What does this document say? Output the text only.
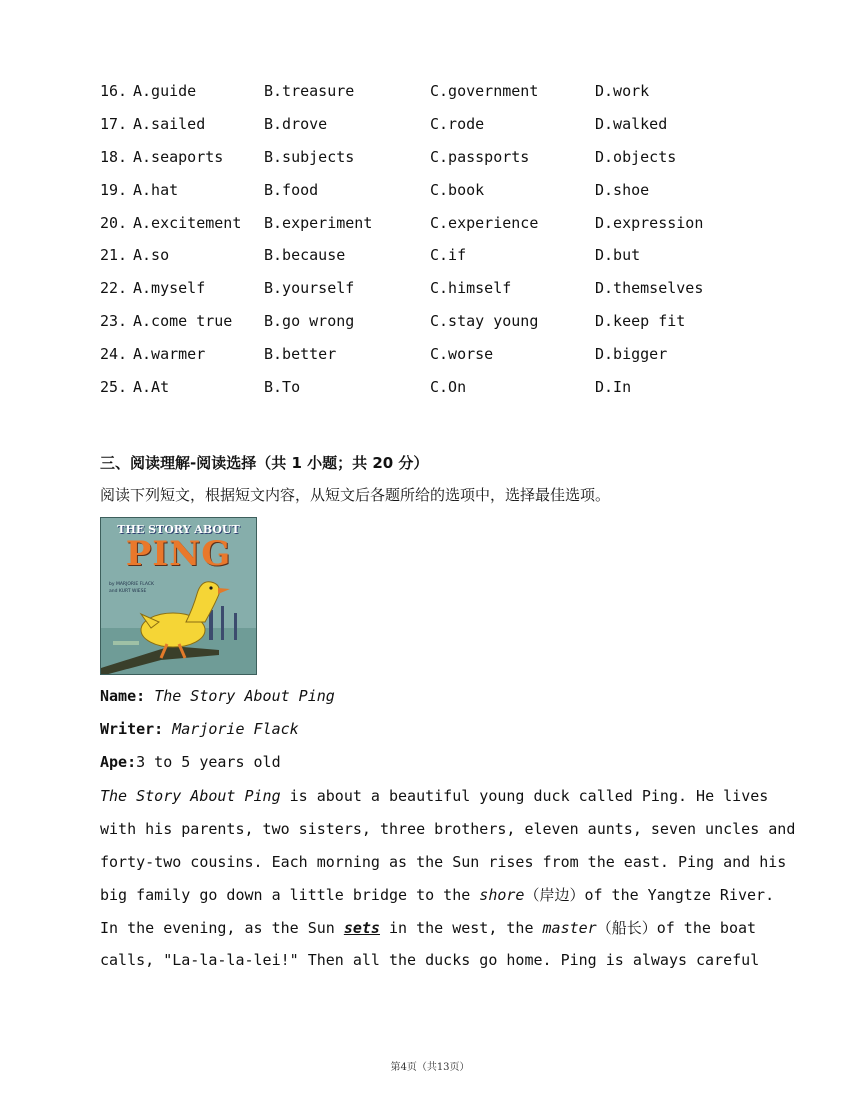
16. A.guide	B.treasure	C.government	D.work
17. A.sailed	B.drove	C.rode	D.walked
18. A.seaports	B.subjects	C.passports	D.objects
19. A.hat	B.food	C.book	D.shoe
20. A.excitement B.experiment	C.experience	D.expression
21. A.so	B.because	C.if	D.but
22. A.myself	B.yourself	C.himself	D.themselves
23. A.come true B.go wrong	C.stay young	D.keep fit
24. A.warmer	B.better	C.worse	D.bigger
25. A.At	B.To	C.On	D.In
三、阅读理解-阅读选择（共 1 小题；共 20 分）
阅读下列短文，根据短文内容，从短文后各题所给的选项中，选择最佳选项。
THE STORY ABOUT
PING
by MARJORIE FLACK
and KURT WIESE
Name: The Story About Ping
Writer: Marjorie Flack
Ape:3 to 5 years old
The Story About Ping is about a beautiful young duck called Ping. He lives
with his parents, two sisters, three brothers, eleven aunts, seven uncles and
forty-two cousins. Each morning as the Sun rises from the east. Ping and his
big family go down a little bridge to the shore（岸边）of the Yangtze River.
In the evening, as the Sun sets in the west, the master（船长）of the boat
calls, "La-la-la-lei!" Then all the ducks go home. Ping is always careful
第4页（共13页）
